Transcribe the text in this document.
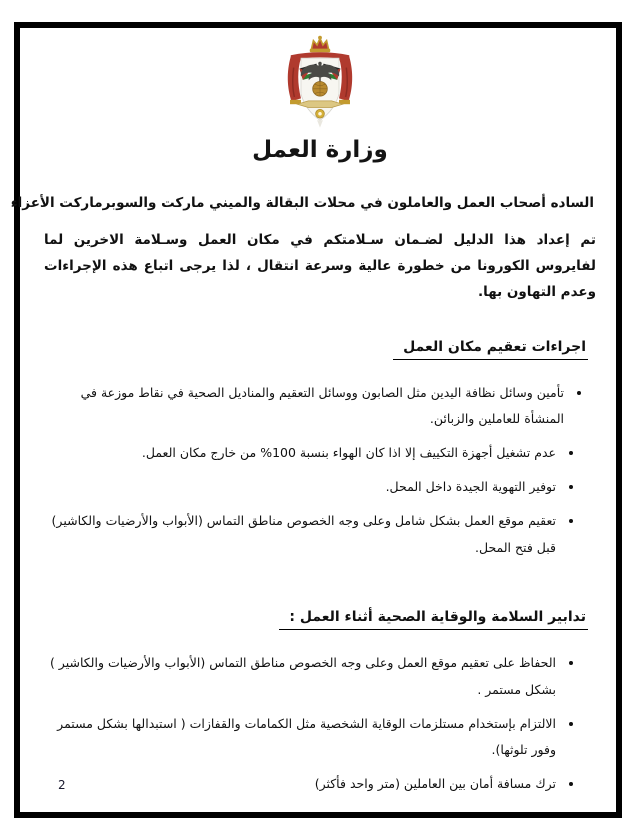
وزارة العمل

الساده أصحاب العمل والعاملون في محلات البقالة والميني ماركت والسوبرماركت الأعزاء

تم إعداد هذا الدليل لضـمان سـلامتكم في مكان العمل وسـلامة الاخرين لما لفايروس الكورونا من خطورة عالية وسرعة انتقال ، لذا يرجى اتباع هذه الإجراءات وعدم التهاون بها.

اجراءات تعقيم مكان العمل
• تأمين وسائل نظافة اليدين مثل الصابون ووسائل التعقيم والمناديل الصحية في نقاط موزعة في المنشأة للعاملين والزبائن.
• عدم تشغيل أجهزة التكييف إلا اذا كان الهواء بنسبة 100% من خارج مكان العمل.
• توفير التهوية الجيدة داخل المحل.
• تعقيم موقع العمل بشكل شامل وعلى وجه الخصوص مناطق التماس (الأبواب والأرضيات والكاشير) قبل فتح المحل.
تدابير السلامة والوقاية الصحية أثناء العمل :
• الحفاظ على تعقيم موقع العمل وعلى وجه الخصوص مناطق التماس (الأبواب والأرضيات والكاشير ) بشكل مستمر .
• الالتزام بإستخدام مستلزمات الوقاية الشخصية مثل الكمامات والقفازات ( استبدالها بشكل مستمر وفور تلوثها).
• ترك مسافة أمان بين العاملين (متر واحد فأكثر)
2
